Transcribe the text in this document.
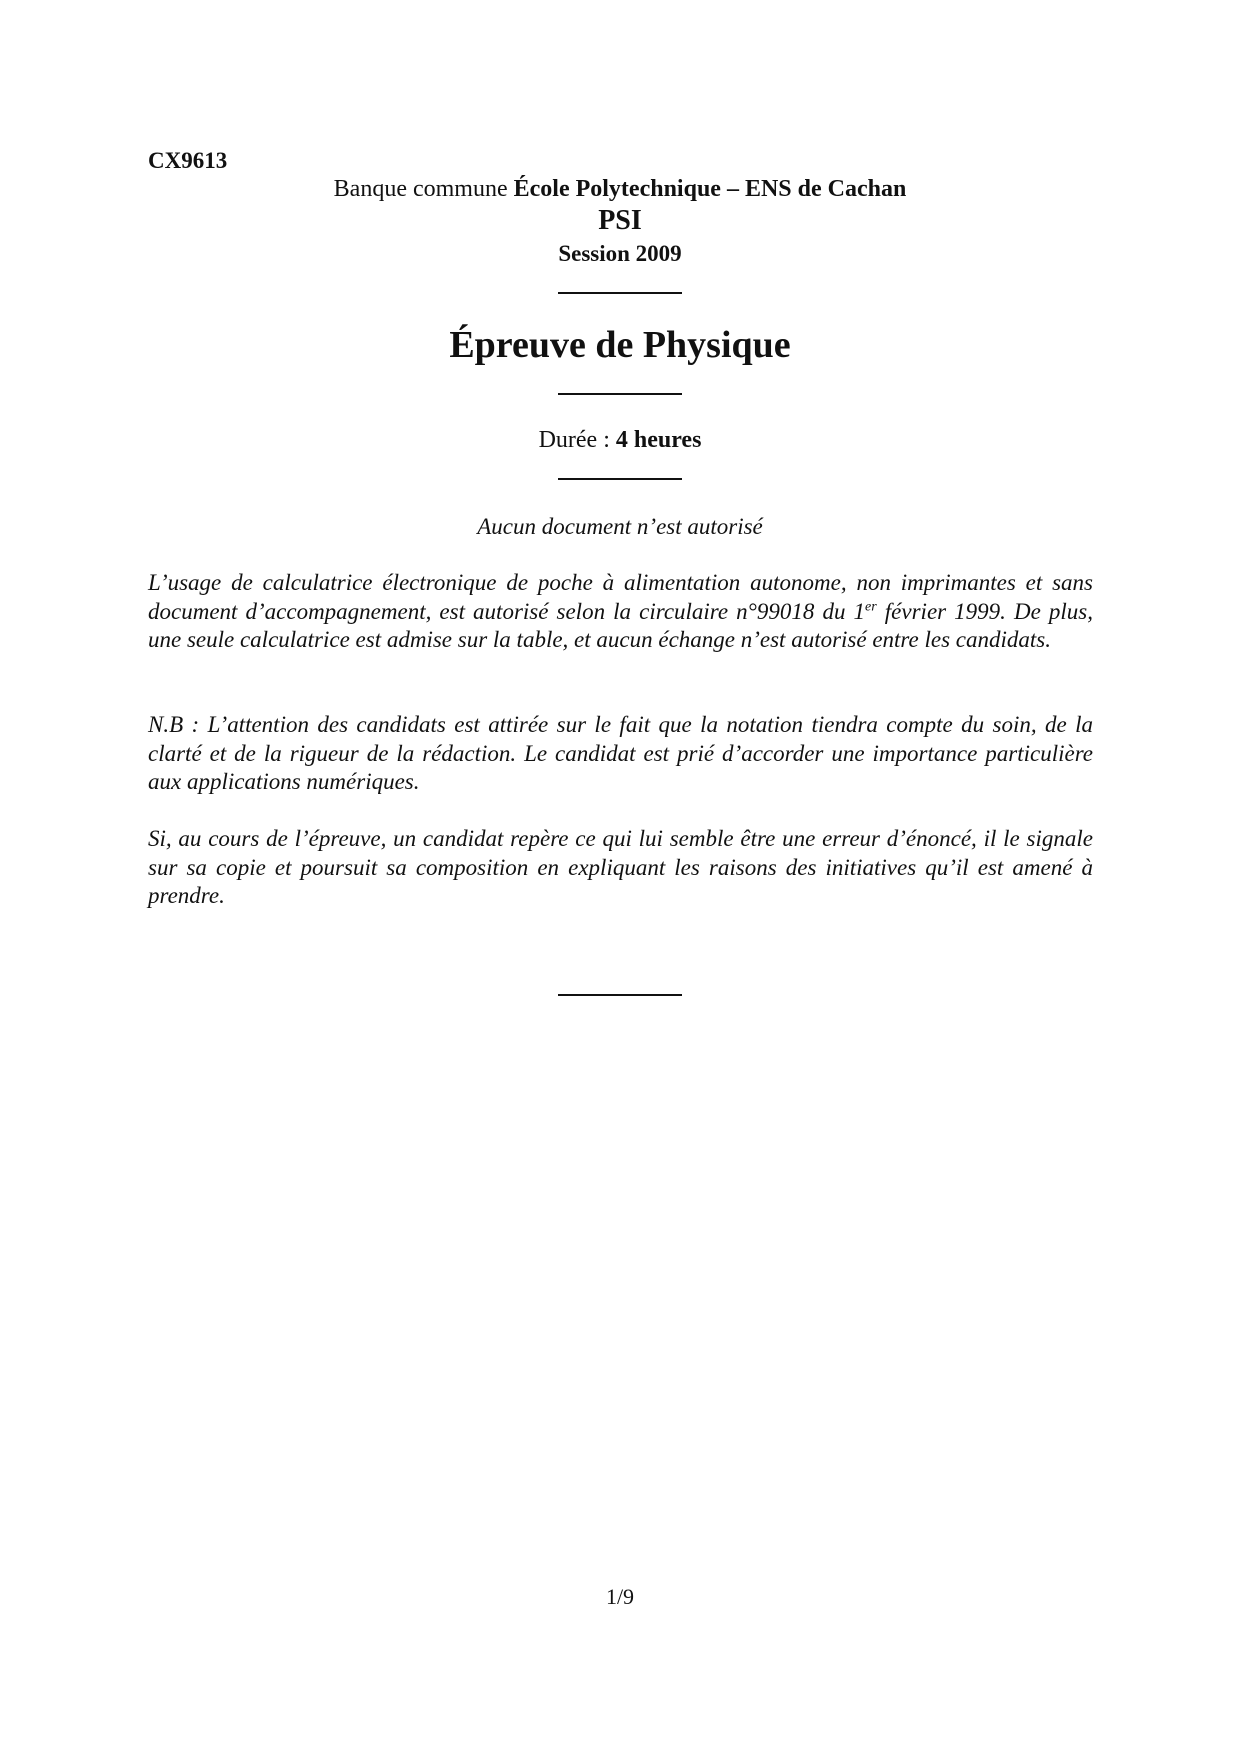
CX9613
Banque commune École Polytechnique – ENS de Cachan
PSI
Session 2009
Épreuve de Physique
Durée : 4 heures
Aucun document n’est autorisé

L’usage de calculatrice électronique de poche à alimentation autonome, non imprimantes et sans document d’accompagnement, est autorisé selon la circulaire n°99018 du 1er février 1999. De plus, une seule calculatrice est admise sur la table, et aucun échange n’est autorisé entre les candidats.

N.B : L’attention des candidats est attirée sur le fait que la notation tiendra compte du soin, de la clarté et de la rigueur de la rédaction. Le candidat est prié d’accorder une importance particulière aux applications numériques.

Si, au cours de l’épreuve, un candidat repère ce qui lui semble être une erreur d’énoncé, il le signale sur sa copie et poursuit sa composition en expliquant les raisons des initiatives qu’il est amené à prendre.

1/9
